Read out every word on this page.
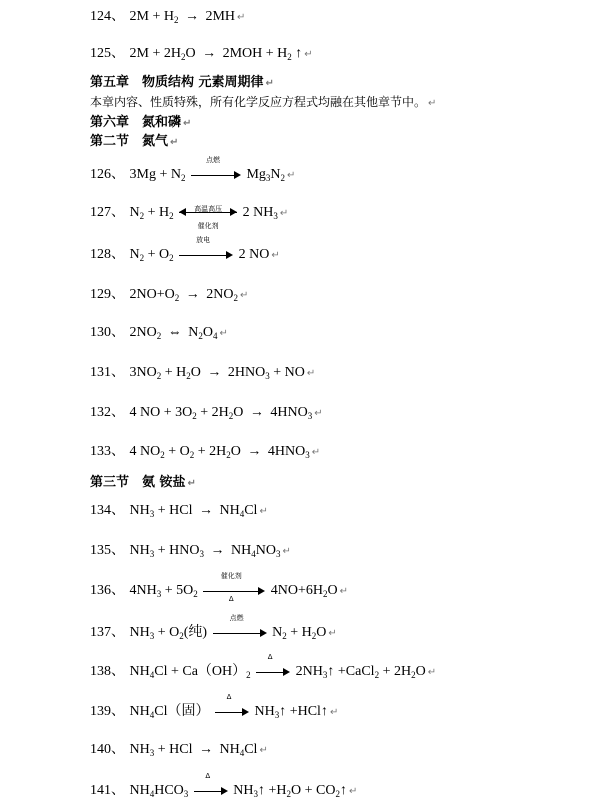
124、 $2M + H_2 \to 2MH$ ↵
125、 $2M + 2H_2O \to 2MOH + H_2$ ↑ ↵
第五章　物质结构 元素周期律 ↵
本章内容、性质特殊，所有化学反应方程式均融在其他章节中。 ↵
第六章　氮和磷 ↵
第二节　氮气 ↵
126、 $3Mg + N_2$
点燃
$Mg_3N_2$ ↵
127、 $N_2 + H_2$
高温高压
催化剂
2 $NH_3$ ↵
128、 $N_2 + O_2$
放电
2 NO ↵
129、 $2NO+O_2 \to 2NO_2$ ↵
130、 $2NO_2$ ⇔ $N_2O_4$ ↵
131、 $3NO_2 + H_2O \to 2HNO_3$ + NO ↵
132、 4 NO + $3O_2 + 2H_2O \to 4HNO_3$ ↵
133、 4 $NO_2 + O_2 + 2H_2O \to 4HNO_3$ ↵
第三节　氨 铵盐 ↵
134、 $NH_3$ + HCl → $NH_4Cl$ ↵
135、 $NH_3 + HNO_3 \to NH_4NO_3$ ↵
136、 $4NH_3 + 5O_2$
催化剂
Δ
$4NO+6H_2O$ ↵
137、 $NH_3 + O_2$(纯)
点燃
$N_2 + H_2O$ ↵
138、 $NH_4Cl + Ca(OH)_2$
Δ
$2NH_3↑$ +CaCl$_2$ + $2H_2O$ ↵
139、 $NH_4Cl$（固）
Δ
$NH_3↑$ +HCl↑ ↵
140、 $NH_3$ + HCl → $NH_4Cl$ ↵
141、 $NH_4HCO_3$
Δ
$NH_3↑ +H_2O$ + $CO_2↑$ ↵
